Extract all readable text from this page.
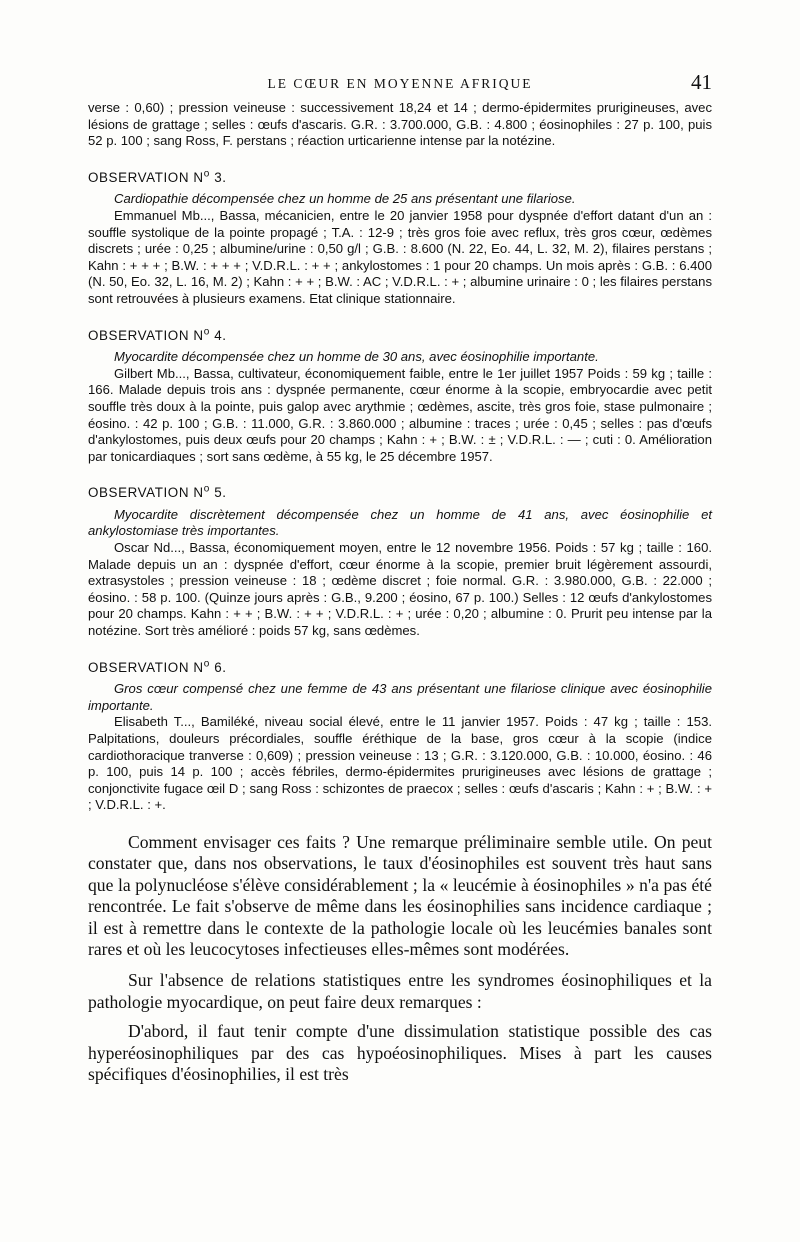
LE CŒUR EN MOYENNE AFRIQUE	41

verse : 0,60) ; pression veineuse : successivement 18,24 et 14 ; dermo-épidermites prurigineuses, avec lésions de grattage ; selles : œufs d'ascaris. G.R. : 3.700.000, G.B. : 4.800 ; éosinophiles : 27 p. 100, puis 52 p. 100 ; sang Ross, F. perstans ; réaction urticarienne intense par la notézine.

OBSERVATION $N^o$ 3.

Cardiopathie décompensée chez un homme de 25 ans présentant une filariose.

Emmanuel Mb..., Bassa, mécanicien, entre le 20 janvier 1958 pour dyspnée d'effort datant d'un an : souffle systolique de la pointe propagé ; T.A. : 12-9 ; très gros foie avec reflux, très gros cœur, œdèmes discrets ; urée : 0,25 ; albumine/urine : 0,50 g/l ; G.B. : 8.600 (N. 22, Eo. 44, L. 32, M. 2), filaires perstans ; Kahn : + + + ; B.W. : + + + ; V.D.R.L. : + + ; ankylostomes : 1 pour 20 champs. Un mois après : G.B. : 6.400 (N. 50, Eo. 32, L. 16, M. 2) ; Kahn : + + ; B.W. : AC ; V.D.R.L. : + ; albumine urinaire : 0 ; les filaires perstans sont retrouvées à plusieurs examens. Etat clinique stationnaire.

OBSERVATION $N^o$ 4.

Myocardite décompensée chez un homme de 30 ans, avec éosinophilie importante.

Gilbert Mb..., Bassa, cultivateur, économiquement faible, entre le 1er juillet 1957 Poids : 59 kg ; taille : 166. Malade depuis trois ans : dyspnée permanente, cœur énorme à la scopie, embryocardie avec petit souffle très doux à la pointe, puis galop avec arythmie ; œdèmes, ascite, très gros foie, stase pulmonaire ; éosino. : 42 p. 100 ; G.B. : 11.000, G.R. : 3.860.000 ; albumine : traces ; urée : 0,45 ; selles : pas d'œufs d'ankylostomes, puis deux œufs pour 20 champs ; Kahn : + ; B.W. : ± ; V.D.R.L. : — ; cuti : 0. Amélioration par tonicardiaques ; sort sans œdème, à 55 kg, le 25 décembre 1957.

OBSERVATION $N^o$ 5.

Myocardite discrètement décompensée chez un homme de 41 ans, avec éosinophilie et ankylostomiase très importantes.

Oscar Nd..., Bassa, économiquement moyen, entre le 12 novembre 1956. Poids : 57 kg ; taille : 160. Malade depuis un an : dyspnée d'effort, cœur énorme à la scopie, premier bruit légèrement assourdi, extrasystoles ; pression veineuse : 18 ; œdème discret ; foie normal. G.R. : 3.980.000, G.B. : 22.000 ; éosino. : 58 p. 100. (Quinze jours après : G.B., 9.200 ; éosino, 67 p. 100.) Selles : 12 œufs d'ankylostomes pour 20 champs. Kahn : + + ; B.W. : + + ; V.D.R.L. : + ; urée : 0,20 ; albumine : 0. Prurit peu intense par la notézine. Sort très amélioré : poids 57 kg, sans œdèmes.

OBSERVATION $N^o$ 6.

Gros cœur compensé chez une femme de 43 ans présentant une filariose clinique avec éosinophilie importante.

Elisabeth T..., Bamiléké, niveau social élevé, entre le 11 janvier 1957. Poids : 47 kg ; taille : 153. Palpitations, douleurs précordiales, souffle éréthique de la base, gros cœur à la scopie (indice cardiothoracique tranverse : 0,609) ; pression veineuse : 13 ; G.R. : 3.120.000, G.B. : 10.000, éosino. : 46 p. 100, puis 14 p. 100 ; accès fébriles, dermo-épidermites prurigineuses avec lésions de grattage ; conjonctivite fugace œil D ; sang Ross : schizontes de praecox ; selles : œufs d'ascaris ; Kahn : + ; B.W. : + ; V.D.R.L. : +.

Comment envisager ces faits ? Une remarque préliminaire semble utile. On peut constater que, dans nos observations, le taux d'éosinophiles est souvent très haut sans que la polynucléose s'élève considérablement ; la « leucémie à éosinophiles » n'a pas été rencontrée. Le fait s'observe de même dans les éosinophilies sans incidence cardiaque ; il est à remettre dans le contexte de la pathologie locale où les leucémies banales sont rares et où les leucocytoses infectieuses elles-mêmes sont modérées.

Sur l'absence de relations statistiques entre les syndromes éosinophiliques et la pathologie myocardique, on peut faire deux remarques :

D'abord, il faut tenir compte d'une dissimulation statistique possible des cas hyperéosinophiliques par des cas hypoéosinophiliques. Mises à part les causes spécifiques d'éosinophilies, il est très
